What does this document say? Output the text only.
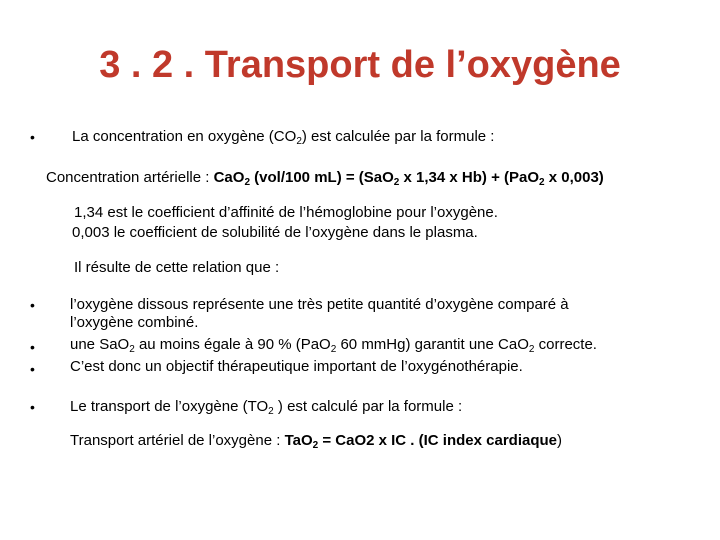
3 . 2 . Transport de l’oxygène
• La concentration en oxygène $(CO_2)$ est calculée par la formule :
Concentration artérielle : CaO$_2$ (vol/100 mL) = (SaO$_2$ x 1,34 x Hb) + (PaO$_2$ x 0,003)
1,34 est le coefficient d’affinité de l’hémoglobine pour l’oxygène.
0,003 le coefficient de solubilité de l’oxygène dans le plasma.
Il résulte de cette relation que :
• l’oxygène dissous représente une très petite quantité d’oxygène comparé à
l’oxygène combiné.
• une SaO$_2$ au moins égale à 90 % (PaO$_2$ 60 mmHg) garantit une CaO$_2$ correcte.
• C’est donc un objectif thérapeutique important de l’oxygénothérapie.
• Le transport de l’oxygène ($TO_2$ ) est calculé par la formule :
Transport artériel de l’oxygène : TaO$_2$ = CaO2 x IC . (IC index cardiaque)
